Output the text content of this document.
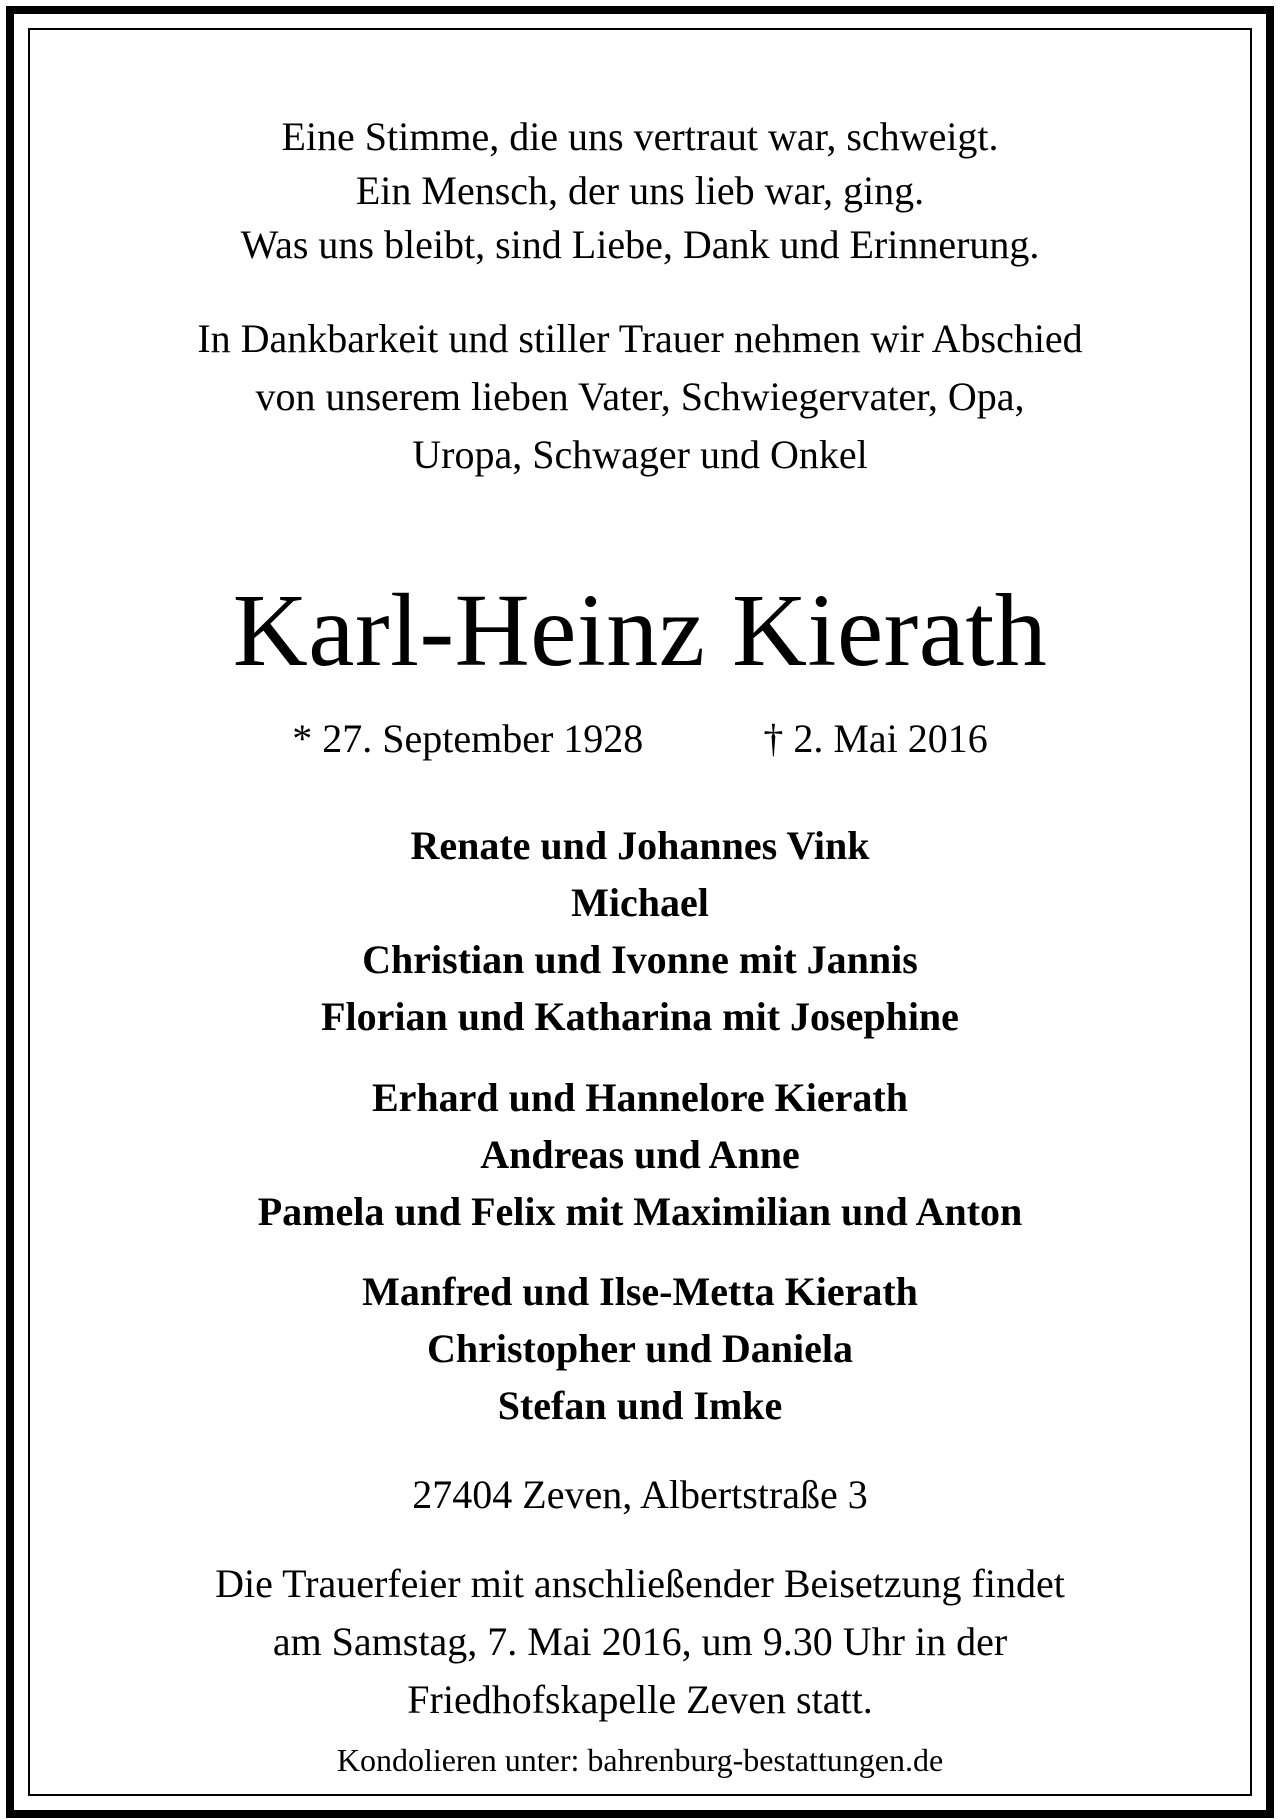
Eine Stimme, die uns vertraut war, schweigt.
Ein Mensch, der uns lieb war, ging.
Was uns bleibt, sind Liebe, Dank und Erinnerung.
In Dankbarkeit und stiller Trauer nehmen wir Abschied
von unserem lieben Vater, Schwiegervater, Opa,
Uropa, Schwager und Onkel
Karl-Heinz Kierath
* 27. September 1928	† 2. Mai 2016
Renate und Johannes Vink
Michael
Christian und Ivonne mit Jannis
Florian und Katharina mit Josephine
Erhard und Hannelore Kierath
Andreas und Anne
Pamela und Felix mit Maximilian und Anton
Manfred und Ilse-Metta Kierath
Christopher und Daniela
Stefan und Imke
27404 Zeven, Albertstraße 3
Die Trauerfeier mit anschließender Beisetzung findet
am Samstag, 7. Mai 2016, um 9.30 Uhr in der
Friedhofskapelle Zeven statt.
Kondolieren unter: bahrenburg-bestattungen.de
